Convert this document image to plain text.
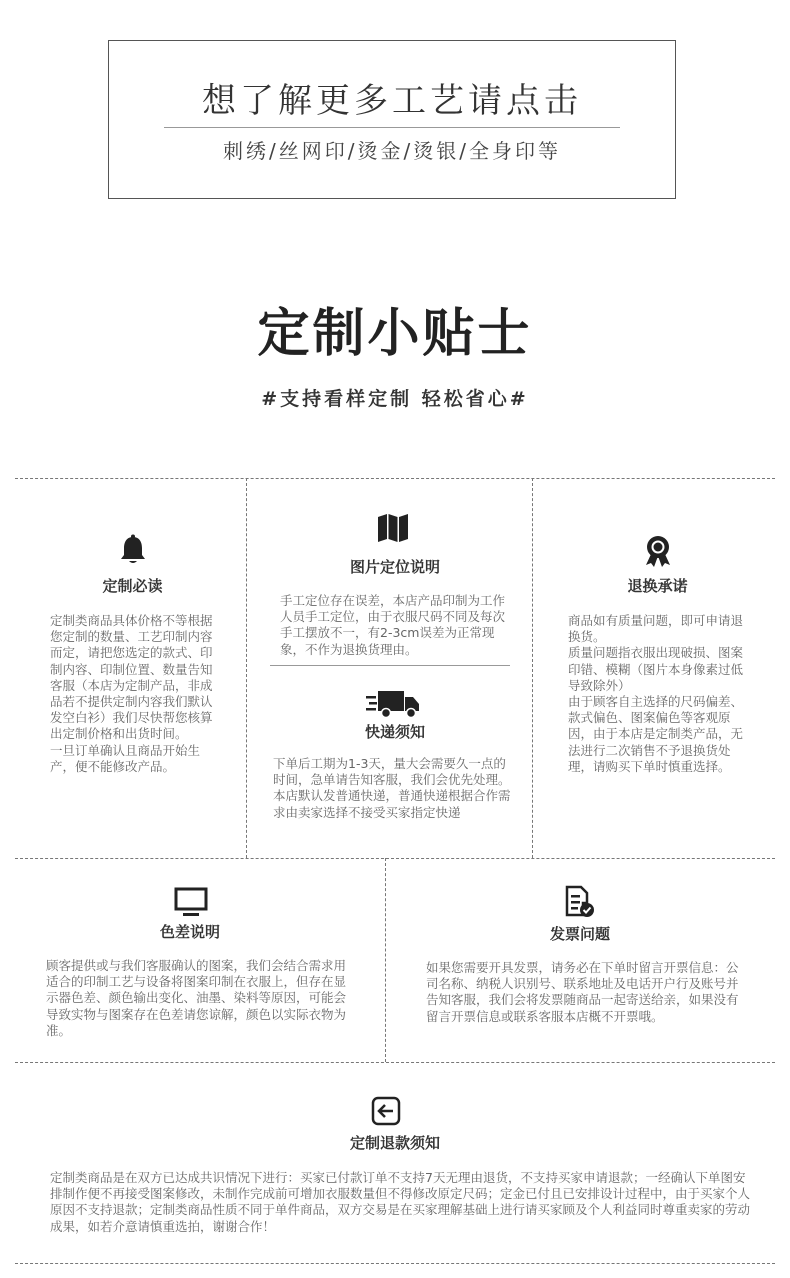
想了解更多工艺请点击
刺绣/丝网印/烫金/烫银/全身印等
定制小贴士
#支持看样定制 轻松省心#
定制必读

定制类商品具体价格不等根据您定制的数量、工艺印制内容而定，请把您选定的款式、印制内容、印制位置、数量告知客服（本店为定制产品，非成品若不提供定制内容我们默认发空白衫）我们尽快帮您核算出定制价格和出货时间。
一旦订单确认且商品开始生产，便不能修改产品。

图片定位说明

手工定位存在误差，本店产品印制为工作人员手工定位，由于衣服尺码不同及每次手工摆放不一，有2-3cm误差为正常现象，不作为退换货理由。

快递须知

下单后工期为1-3天，量大会需要久一点的时间，急单请告知客服，我们会优先处理。
本店默认发普通快递，普通快递根据合作需求由卖家选择不接受买家指定快递

退换承诺

商品如有质量问题，即可申请退换货。
质量问题指衣服出现破损、图案印错、模糊（图片本身像素过低导致除外）
由于顾客自主选择的尺码偏差、款式偏色、图案偏色等客观原因，由于本店是定制类产品，无法进行二次销售不予退换货处理，请购买下单时慎重选择。

色差说明

顾客提供或与我们客服确认的图案，我们会结合需求用适合的印制工艺与设备将图案印制在衣服上，但存在显示器色差、颜色输出变化、油墨、染料等原因，可能会导致实物与图案存在色差请您谅解，颜色以实际衣物为准。

发票问题

如果您需要开具发票，请务必在下单时留言开票信息：公司名称、纳税人识别号、联系地址及电话开户行及账号并告知客服，我们会将发票随商品一起寄送给亲，如果没有留言开票信息或联系客服本店概不开票哦。

定制退款须知

定制类商品是在双方已达成共识情况下进行：买家已付款订单不支持7天无理由退货，不支持买家申请退款；一经确认下单图安排制作便不再接受图案修改，未制作完成前可增加衣服数量但不得修改原定尺码；定金已付且已安排设计过程中，由于买家个人原因不支持退款；定制类商品性质不同于单件商品，双方交易是在买家理解基础上进行请买家顾及个人利益同时尊重卖家的劳动成果，如若介意请慎重选拍，谢谢合作！
